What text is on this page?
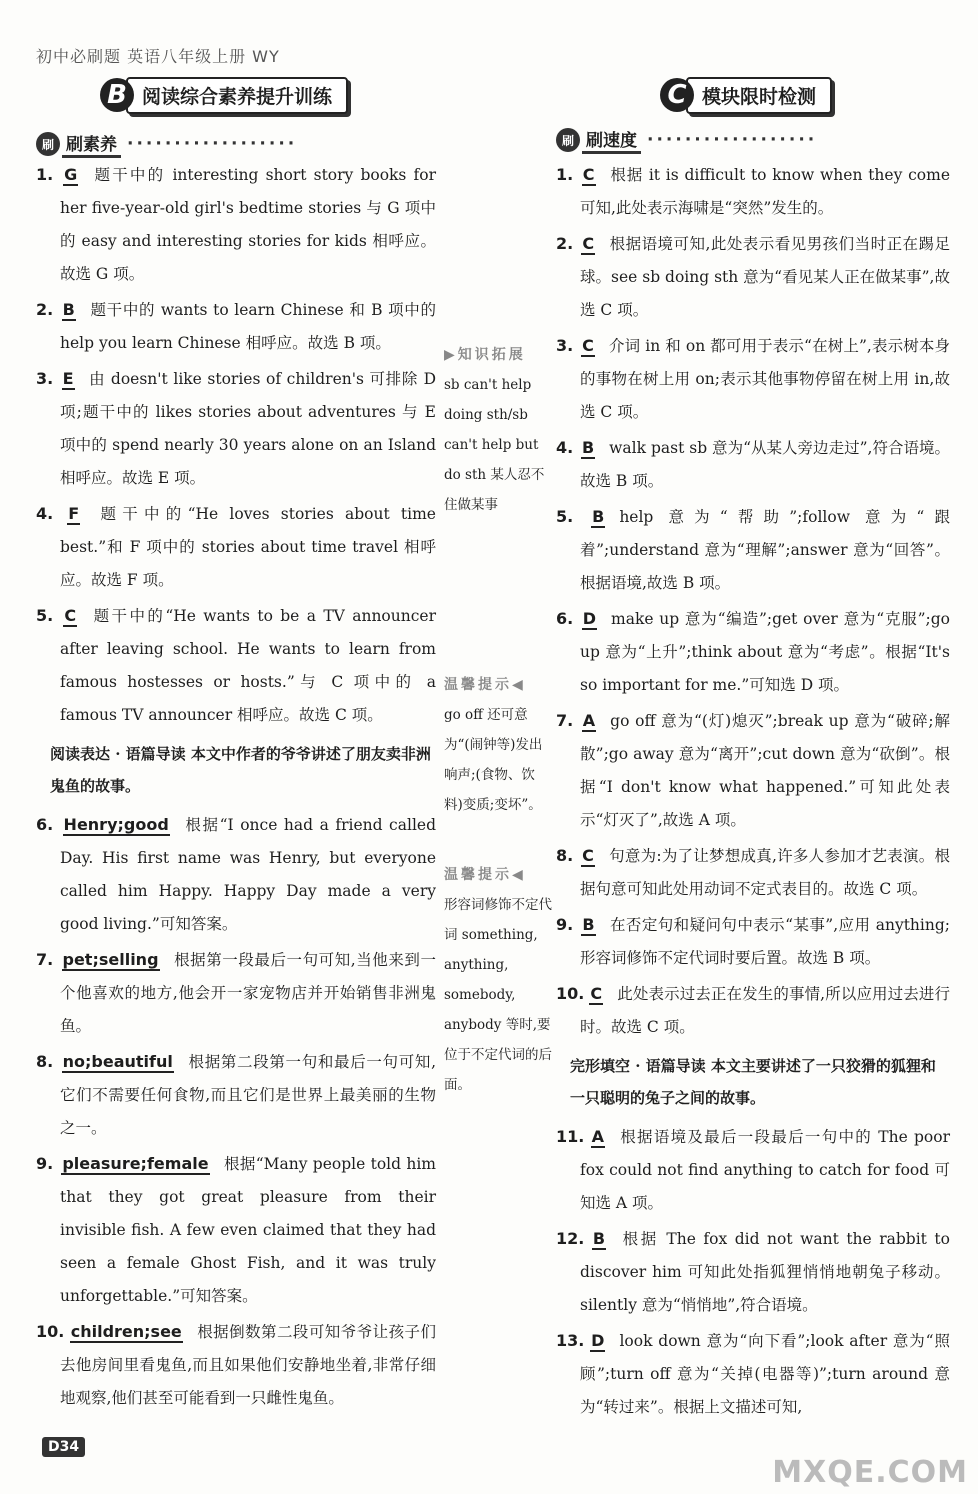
初中必刷题 英语八年级上册 WY
B 阅读综合素养提升训练	C 模块限时检测
刷 刷素养 ··················	刷 刷速度 ··················
1. G 题干中的 interesting short story books for her five-year-old girl's bedtime stories 与 G 项中的 easy and interesting stories for kids 相呼应。故选 G 项。
2. B 题干中的 wants to learn Chinese 和 B 项中的 help you learn Chinese 相呼应。故选 B 项。
3. E 由 doesn't like stories of children's 可排除 D 项;题干中的 likes stories about adventures 与 E 项中的 spend nearly 30 years alone on an Island 相呼应。故选 E 项。
4. F 题干中的“He loves stories about time best.”和 F 项中的 stories about time travel 相呼应。故选 F 项。
5. C 题干中的“He wants to be a TV announcer after leaving school. He wants to learn from famous hostesses or hosts.”与 C 项中的 a famous TV announcer 相呼应。故选 C 项。
阅读表达 · 语篇导读 本文中作者的爷爷讲述了朋友卖非洲鬼鱼的故事。
6. Henry;good 根据“I once had a friend called Day. His first name was Henry, but everyone called him Happy. Happy Day made a very good living.”可知答案。
7. pet;selling 根据第一段最后一句可知,当他来到一个他喜欢的地方,他会开一家宠物店并开始销售非洲鬼鱼。
8. no;beautiful 根据第二段第一句和最后一句可知,它们不需要任何食物,而且它们是世界上最美丽的生物之一。
9. pleasure;female 根据“Many people told him that they got great pleasure from their invisible fish. A few even claimed that they had seen a female Ghost Fish, and it was truly unforgettable.”可知答案。
10. children;see 根据倒数第二段可知爷爷让孩子们去他房间里看鬼鱼,而且如果他们安静地坐着,非常仔细地观察,他们甚至可能看到一只雌性鬼鱼。
▶知识拓展
sb can't help doing sth/sb can't help but do sth 某人忍不住做某事
温馨提示◀
go off 还可意为“(闹钟等)发出响声;(食物、饮料)变质;变坏”。
温馨提示◀
形容词修饰不定代词 something, anything, somebody, anybody 等时,要位于不定代词的后面。
1. C 根据 it is difficult to know when they come 可知,此处表示海啸是“突然”发生的。
2. C 根据语境可知,此处表示看见男孩们当时正在踢足球。see sb doing sth 意为“看见某人正在做某事”,故选 C 项。
3. C 介词 in 和 on 都可用于表示“在树上”,表示树本身的事物在树上用 on;表示其他事物停留在树上用 in,故选 C 项。
4. B walk past sb 意为“从某人旁边走过”,符合语境。故选 B 项。
5. B help 意为“帮助”;follow 意为“跟着”;understand 意为“理解”;answer 意为“回答”。根据语境,故选 B 项。
6. D make up 意为“编造”;get over 意为“克服”;go up 意为“上升”;think about 意为“考虑”。根据“It's so important for me.”可知选 D 项。
7. A go off 意为“(灯)熄灭”;break up 意为“破碎;解散”;go away 意为“离开”;cut down 意为“砍倒”。根据“I don't know what happened.”可知此处表示“灯灭了”,故选 A 项。
8. C 句意为:为了让梦想成真,许多人参加才艺表演。根据句意可知此处用动词不定式表目的。故选 C 项。
9. B 在否定句和疑问句中表示“某事”,应用 anything;形容词修饰不定代词时要后置。故选 B 项。
10. C 此处表示过去正在发生的事情,所以应用过去进行时。故选 C 项。
完形填空 · 语篇导读 本文主要讲述了一只狡猾的狐狸和一只聪明的兔子之间的故事。
11. A 根据语境及最后一段最后一句中的 The poor fox could not find anything to catch for food 可知选 A 项。
12. B 根据 The fox did not want the rabbit to discover him 可知此处指狐狸悄悄地朝兔子移动。silently 意为“悄悄地”,符合语境。
13. D look down 意为“向下看”;look after 意为“照顾”;turn off 意为“关掉(电器等)”;turn around 意为“转过来”。根据上文描述可知,
D34
MXQE.COM
